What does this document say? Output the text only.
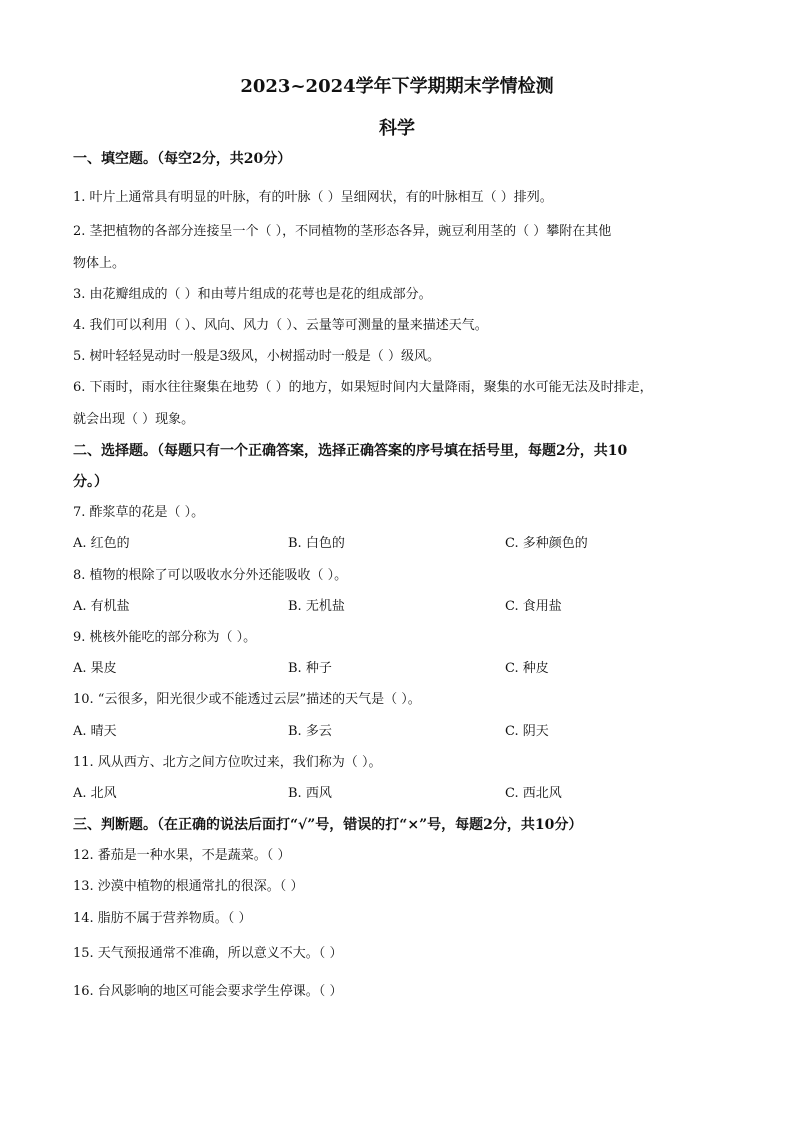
2023~2024学年下学期期末学情检测
科学
一、填空题。（每空2分，共20分）
1. 叶片上通常具有明显的叶脉，有的叶脉（ ）呈细网状，有的叶脉相互（ ）排列。
2. 茎把植物的各部分连接呈一个（ ），不同植物的茎形态各异，豌豆利用茎的（ ）攀附在其他
物体上。
3. 由花瓣组成的（ ）和由萼片组成的花萼也是花的组成部分。
4. 我们可以利用（ ）、风向、风力（ ）、云量等可测量的量来描述天气。
5. 树叶轻轻晃动时一般是3级风，小树摇动时一般是（ ）级风。
6. 下雨时，雨水往往聚集在地势（ ）的地方，如果短时间内大量降雨，聚集的水可能无法及时排走，
就会出现（ ）现象。
二、选择题。（每题只有一个正确答案，选择正确答案的序号填在括号里，每题2分，共10
分。）
7. 酢浆草的花是（ ）。
A. 红色的	B. 白色的	C. 多种颜色的
8. 植物的根除了可以吸收水分外还能吸收（ ）。
A. 有机盐	B. 无机盐	C. 食用盐
9. 桃核外能吃的部分称为（ ）。
A. 果皮	B. 种子	C. 种皮
10. “云很多，阳光很少或不能透过云层”描述的天气是（ ）。
A. 晴天	B. 多云	C. 阴天
11. 风从西方、北方之间方位吹过来，我们称为（ ）。
A. 北风	B. 西风	C. 西北风
三、判断题。（在正确的说法后面打“√”号，错误的打“×”号，每题2分，共10分）
12. 番茄是一种水果，不是蔬菜。（ ）
13. 沙漠中植物的根通常扎的很深。（ ）
14. 脂肪不属于营养物质。（ ）
15. 天气预报通常不准确，所以意义不大。（ ）
16. 台风影响的地区可能会要求学生停课。（ ）
